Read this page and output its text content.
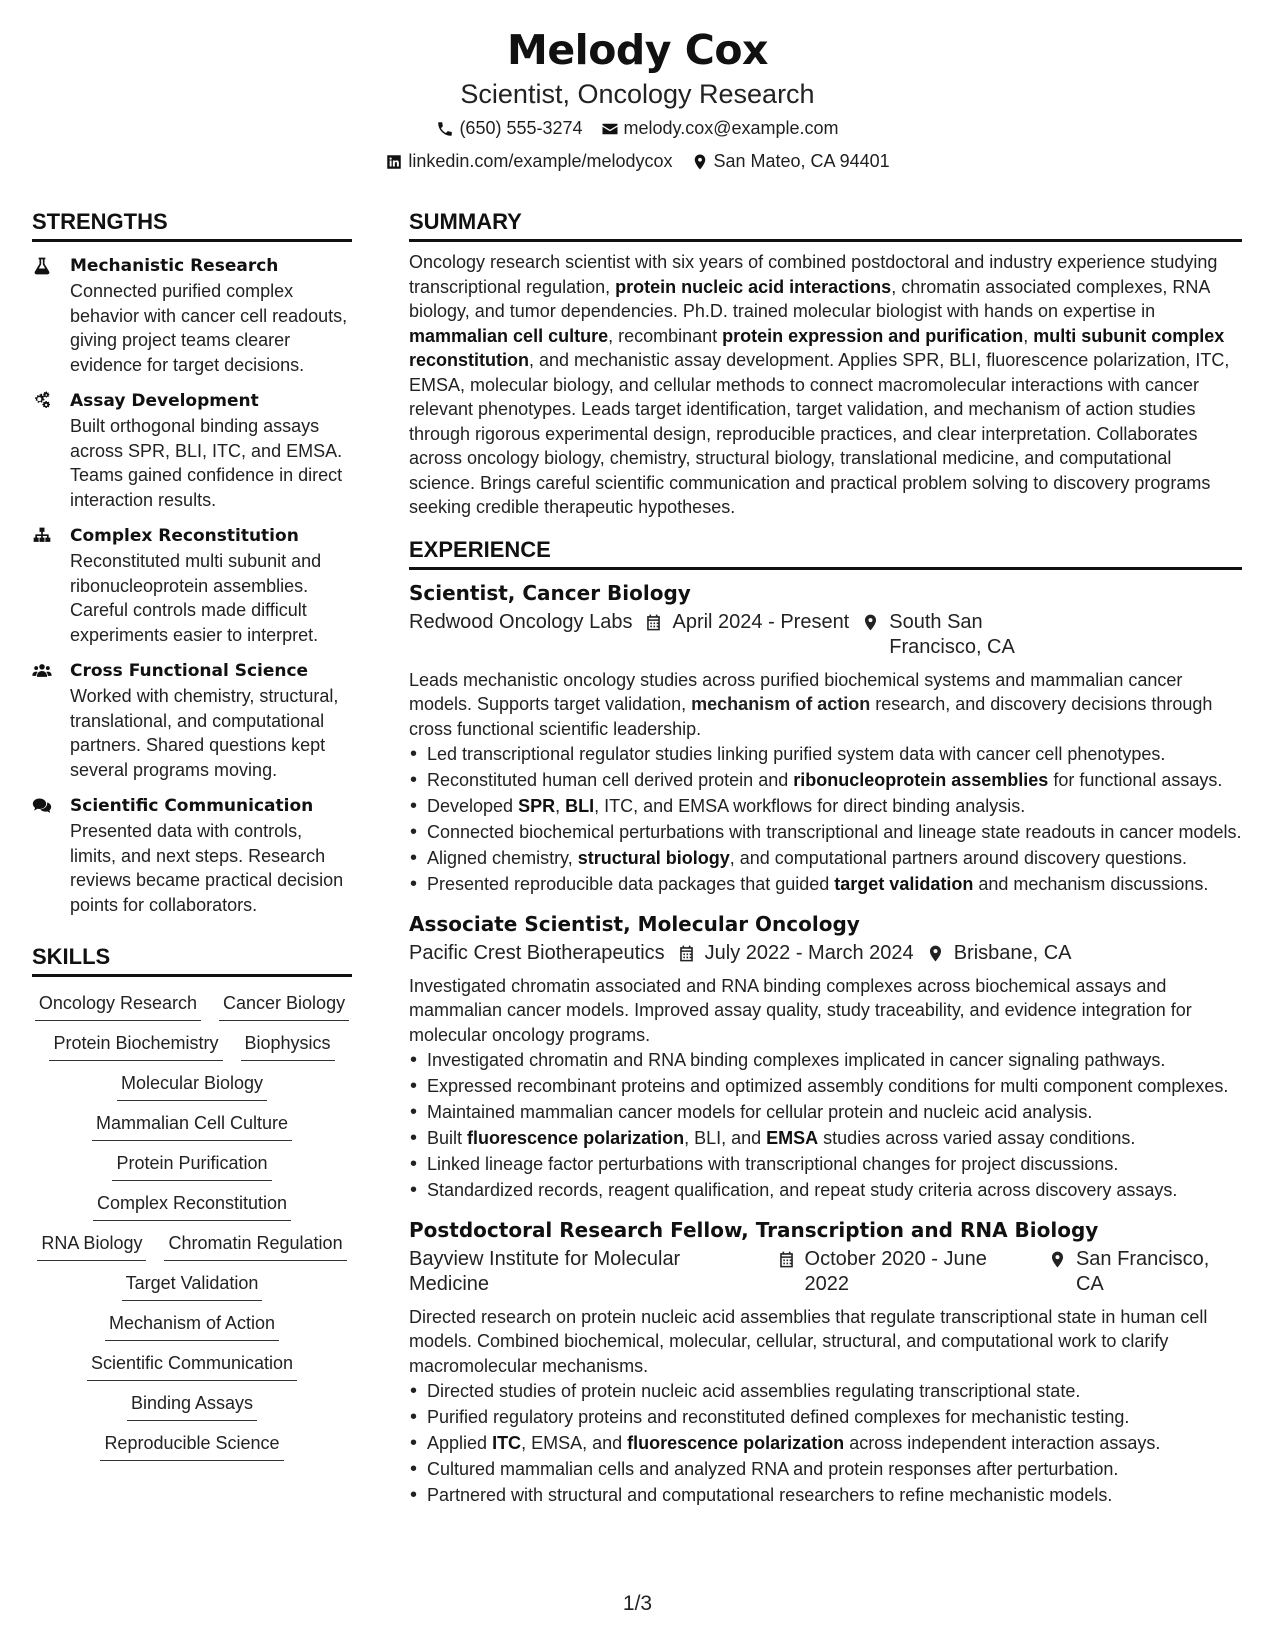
Melody Cox
Scientist, Oncology Research
(650) 555-3274 melody.cox@example.com
linkedin.com/example/melodycox San Mateo, CA 94401
STRENGTHS
Mechanistic Research
Connected purified complex behavior with cancer cell readouts, giving project teams clearer evidence for target decisions.
Assay Development
Built orthogonal binding assays across SPR, BLI, ITC, and EMSA. Teams gained confidence in direct interaction results.
Complex Reconstitution
Reconstituted multi subunit and ribonucleoprotein assemblies. Careful controls made difficult experiments easier to interpret.
Cross Functional Science
Worked with chemistry, structural, translational, and computational partners. Shared questions kept several programs moving.
Scientific Communication
Presented data with controls, limits, and next steps. Research reviews became practical decision points for collaborators.
SKILLS
Oncology Research Cancer Biology
Protein Biochemistry Biophysics
Molecular Biology
Mammalian Cell Culture
Protein Purification
Complex Reconstitution
RNA Biology Chromatin Regulation
Target Validation
Mechanism of Action
Scientific Communication
Binding Assays
Reproducible Science
SUMMARY
Oncology research scientist with six years of combined postdoctoral and industry experience studying transcriptional regulation, protein nucleic acid interactions, chromatin associated complexes, RNA biology, and tumor dependencies. Ph.D. trained molecular biologist with hands on expertise in mammalian cell culture, recombinant protein expression and purification, multi subunit complex reconstitution, and mechanistic assay development. Applies SPR, BLI, fluorescence polarization, ITC, EMSA, molecular biology, and cellular methods to connect macromolecular interactions with cancer relevant phenotypes. Leads target identification, target validation, and mechanism of action studies through rigorous experimental design, reproducible practices, and clear interpretation. Collaborates across oncology biology, chemistry, structural biology, translational medicine, and computational science. Brings careful scientific communication and practical problem solving to discovery programs seeking credible therapeutic hypotheses.
EXPERIENCE
Scientist, Cancer Biology
Redwood Oncology Labs April 2024 - Present South San Francisco, CA
Leads mechanistic oncology studies across purified biochemical systems and mammalian cancer models. Supports target validation, mechanism of action research, and discovery decisions through cross functional scientific leadership.
• Led transcriptional regulator studies linking purified system data with cancer cell phenotypes.
• Reconstituted human cell derived protein and ribonucleoprotein assemblies for functional assays.
• Developed SPR, BLI, ITC, and EMSA workflows for direct binding analysis.
• Connected biochemical perturbations with transcriptional and lineage state readouts in cancer models.
• Aligned chemistry, structural biology, and computational partners around discovery questions.
• Presented reproducible data packages that guided target validation and mechanism discussions.
Associate Scientist, Molecular Oncology
Pacific Crest Biotherapeutics July 2022 - March 2024 Brisbane, CA
Investigated chromatin associated and RNA binding complexes across biochemical assays and mammalian cancer models. Improved assay quality, study traceability, and evidence integration for molecular oncology programs.
• Investigated chromatin and RNA binding complexes implicated in cancer signaling pathways.
• Expressed recombinant proteins and optimized assembly conditions for multi component complexes.
• Maintained mammalian cancer models for cellular protein and nucleic acid analysis.
• Built fluorescence polarization, BLI, and EMSA studies across varied assay conditions.
• Linked lineage factor perturbations with transcriptional changes for project discussions.
• Standardized records, reagent qualification, and repeat study criteria across discovery assays.
Postdoctoral Research Fellow, Transcription and RNA Biology
Bayview Institute for Molecular Medicine
October 2020 - June 2022
San Francisco, CA
Directed research on protein nucleic acid assemblies that regulate transcriptional state in human cell models. Combined biochemical, molecular, cellular, structural, and computational work to clarify macromolecular mechanisms.
• Directed studies of protein nucleic acid assemblies regulating transcriptional state.
• Purified regulatory proteins and reconstituted defined complexes for mechanistic testing.
• Applied ITC, EMSA, and fluorescence polarization across independent interaction assays.
• Cultured mammalian cells and analyzed RNA and protein responses after perturbation.
• Partnered with structural and computational researchers to refine mechanistic models.
1/3
